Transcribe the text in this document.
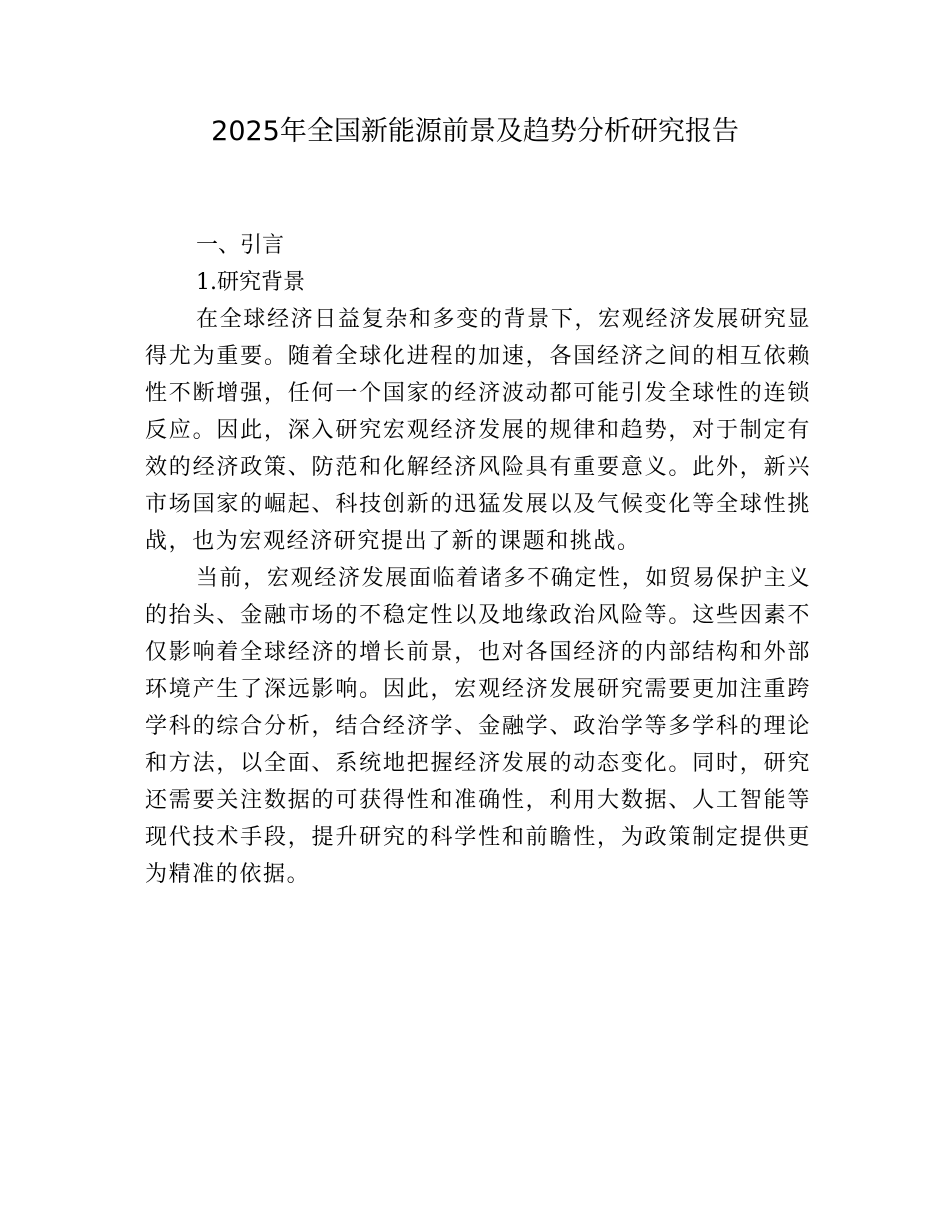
2025年全国新能源前景及趋势分析研究报告

一、引言

1.研究背景

在全球经济日益复杂和多变的背景下，宏观经济发展研究显得尤为重要。随着全球化进程的加速，各国经济之间的相互依赖性不断增强，任何一个国家的经济波动都可能引发全球性的连锁反应。因此，深入研究宏观经济发展的规律和趋势，对于制定有效的经济政策、防范和化解经济风险具有重要意义。此外，新兴市场国家的崛起、科技创新的迅猛发展以及气候变化等全球性挑战，也为宏观经济研究提出了新的课题和挑战。

当前，宏观经济发展面临着诸多不确定性，如贸易保护主义的抬头、金融市场的不稳定性以及地缘政治风险等。这些因素不仅影响着全球经济的增长前景，也对各国经济的内部结构和外部环境产生了深远影响。因此，宏观经济发展研究需要更加注重跨学科的综合分析，结合经济学、金融学、政治学等多学科的理论和方法，以全面、系统地把握经济发展的动态变化。同时，研究还需要关注数据的可获得性和准确性，利用大数据、人工智能等现代技术手段，提升研究的科学性和前瞻性，为政策制定提供更为精准的依据。
